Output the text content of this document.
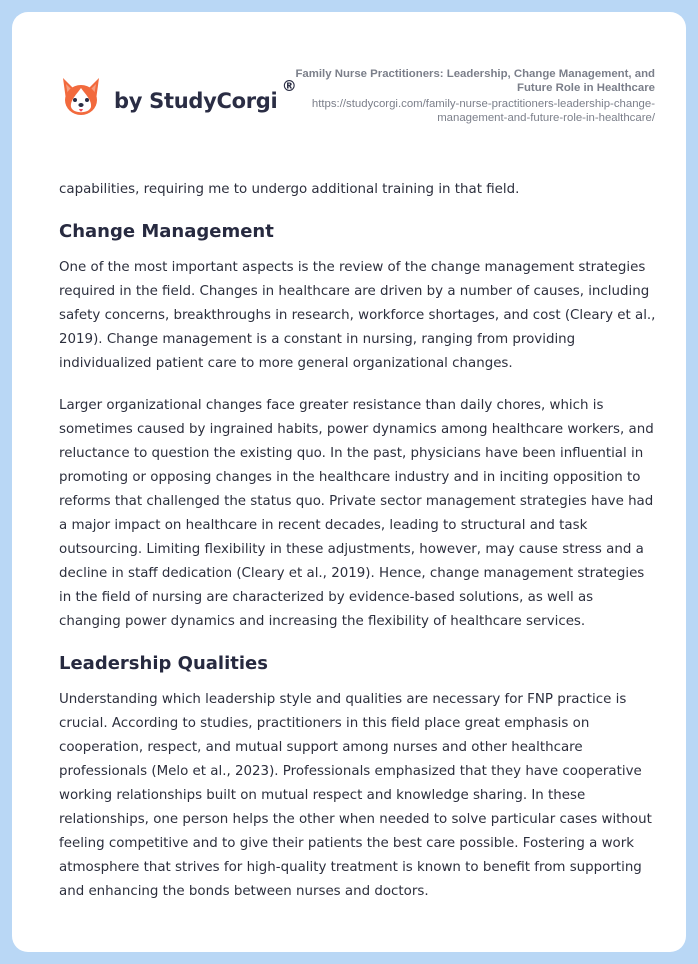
by StudyCorgi
®
Family Nurse Practitioners: Leadership, Change Management, and Future Role in Healthcare
https://studycorgi.com/family-nurse-practitioners-leadership-change-management-and-future-role-in-healthcare/

capabilities, requiring me to undergo additional training in that field.

Change Management

One of the most important aspects is the review of the change management strategies required in the field. Changes in healthcare are driven by a number of causes, including safety concerns, breakthroughs in research, workforce shortages, and cost (Cleary et al., 2019). Change management is a constant in nursing, ranging from providing individualized patient care to more general organizational changes.

Larger organizational changes face greater resistance than daily chores, which is sometimes caused by ingrained habits, power dynamics among healthcare workers, and reluctance to question the existing quo. In the past, physicians have been influential in promoting or opposing changes in the healthcare industry and in inciting opposition to reforms that challenged the status quo. Private sector management strategies have had a major impact on healthcare in recent decades, leading to structural and task outsourcing. Limiting flexibility in these adjustments, however, may cause stress and a decline in staff dedication (Cleary et al., 2019). Hence, change management strategies in the field of nursing are characterized by evidence-based solutions, as well as changing power dynamics and increasing the flexibility of healthcare services.

Leadership Qualities

Understanding which leadership style and qualities are necessary for FNP practice is crucial. According to studies, practitioners in this field place great emphasis on cooperation, respect, and mutual support among nurses and other healthcare professionals (Melo et al., 2023). Professionals emphasized that they have cooperative working relationships built on mutual respect and knowledge sharing. In these relationships, one person helps the other when needed to solve particular cases without feeling competitive and to give their patients the best care possible. Fostering a work atmosphere that strives for high-quality treatment is known to benefit from supporting and enhancing the bonds between nurses and doctors.
